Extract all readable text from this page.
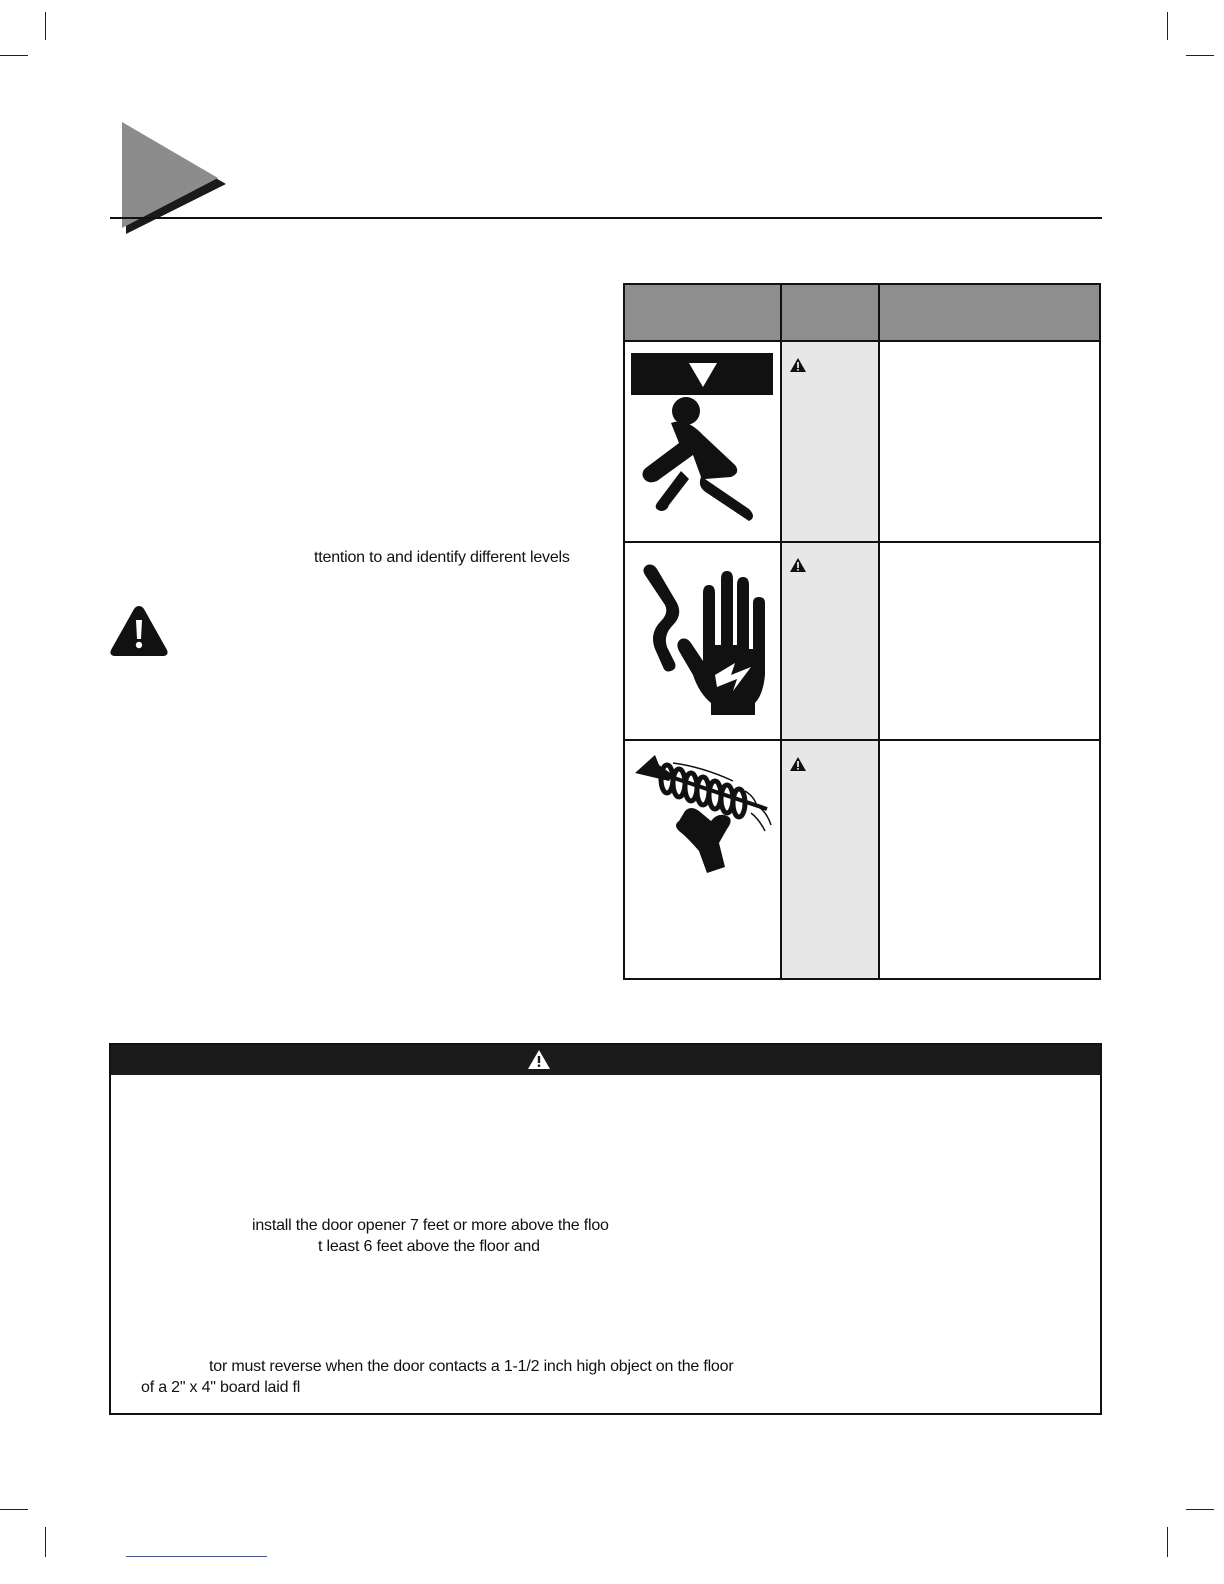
ttention to and identify different levels
install the door opener 7 feet or more above the floo
t least 6 feet above the floor and
tor must reverse when the door contacts a 1-1/2 inch high object on the floor
of a 2" x 4" board laid fl
